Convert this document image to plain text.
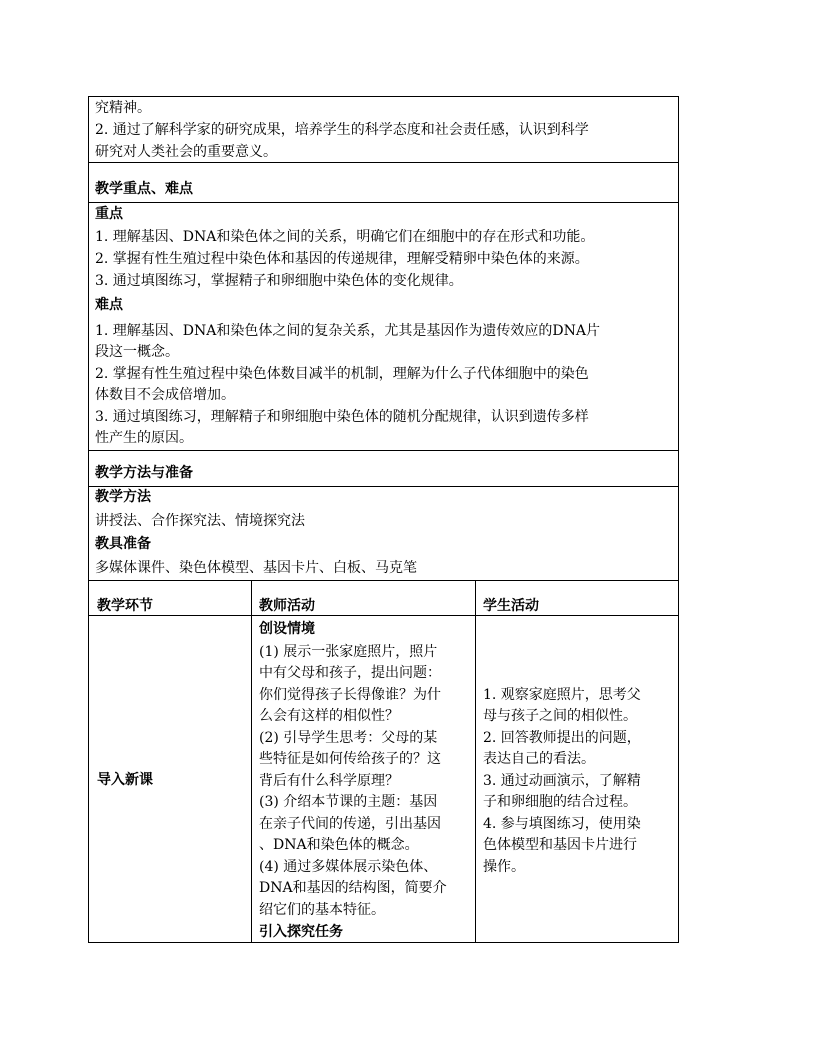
究精神。
2. 通过了解科学家的研究成果，培养学生的科学态度和社会责任感，认识到科学
研究对人类社会的重要意义。
教学重点、难点
重点
1. 理解基因、DNA和染色体之间的关系，明确它们在细胞中的存在形式和功能。
2. 掌握有性生殖过程中染色体和基因的传递规律，理解受精卵中染色体的来源。
3. 通过填图练习，掌握精子和卵细胞中染色体的变化规律。
难点
1. 理解基因、DNA和染色体之间的复杂关系，尤其是基因作为遗传效应的DNA片
段这一概念。
2. 掌握有性生殖过程中染色体数目减半的机制，理解为什么子代体细胞中的染色
体数目不会成倍增加。
3. 通过填图练习，理解精子和卵细胞中染色体的随机分配规律，认识到遗传多样
性产生的原因。
教学方法与准备
教学方法
讲授法、合作探究法、情境探究法
教具准备
多媒体课件、染色体模型、基因卡片、白板、马克笔
教学环节	教师活动	学生活动
导入新课
创设情境
(1) 展示一张家庭照片，照片
中有父母和孩子，提出问题：
你们觉得孩子长得像谁？为什
么会有这样的相似性？
(2) 引导学生思考：父母的某
些特征是如何传给孩子的？这
背后有什么科学原理？
(3) 介绍本节课的主题：基因
在亲子代间的传递，引出基因
、DNA和染色体的概念。
(4) 通过多媒体展示染色体、
DNA和基因的结构图，简要介
绍它们的基本特征。
引入探究任务
1. 观察家庭照片，思考父
母与孩子之间的相似性。
2. 回答教师提出的问题，
表达自己的看法。
3. 通过动画演示，了解精
子和卵细胞的结合过程。
4. 参与填图练习，使用染
色体模型和基因卡片进行
操作。
